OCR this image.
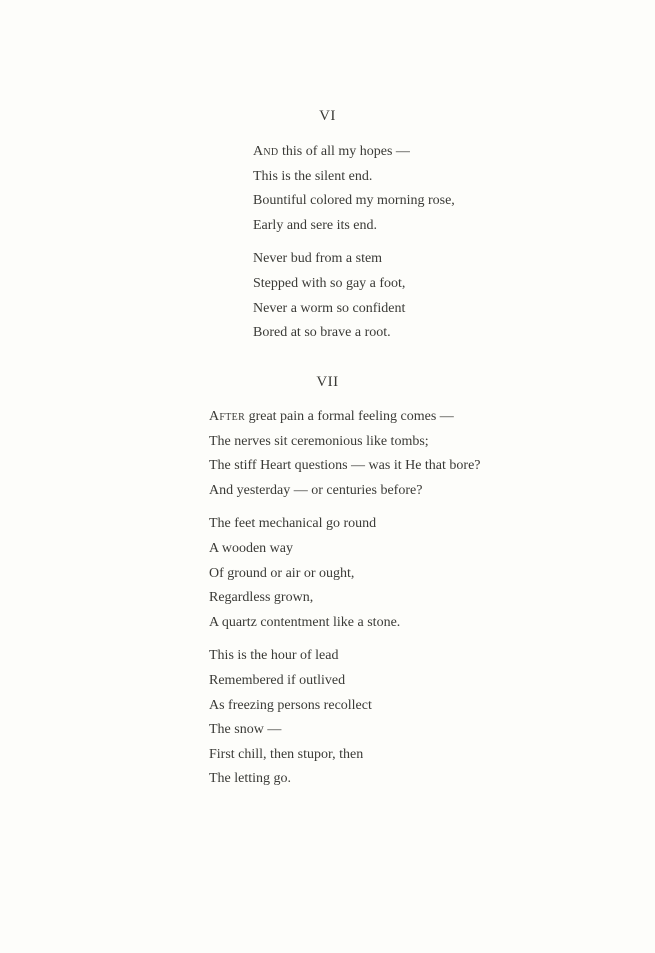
VI
And this of all my hopes —
This is the silent end.
Bountiful colored my morning rose,
Early and sere its end.
Never bud from a stem
Stepped with so gay a foot,
Never a worm so confident
Bored at so brave a root.
VII
After great pain a formal feeling comes —
The nerves sit ceremonious like tombs;
The stiff Heart questions — was it He that bore?
And yesterday — or centuries before?
The feet mechanical go round
A wooden way
Of ground or air or ought,
Regardless grown,
A quartz contentment like a stone.
This is the hour of lead
Remembered if outlived
As freezing persons recollect
The snow —
First chill, then stupor, then
The letting go.
